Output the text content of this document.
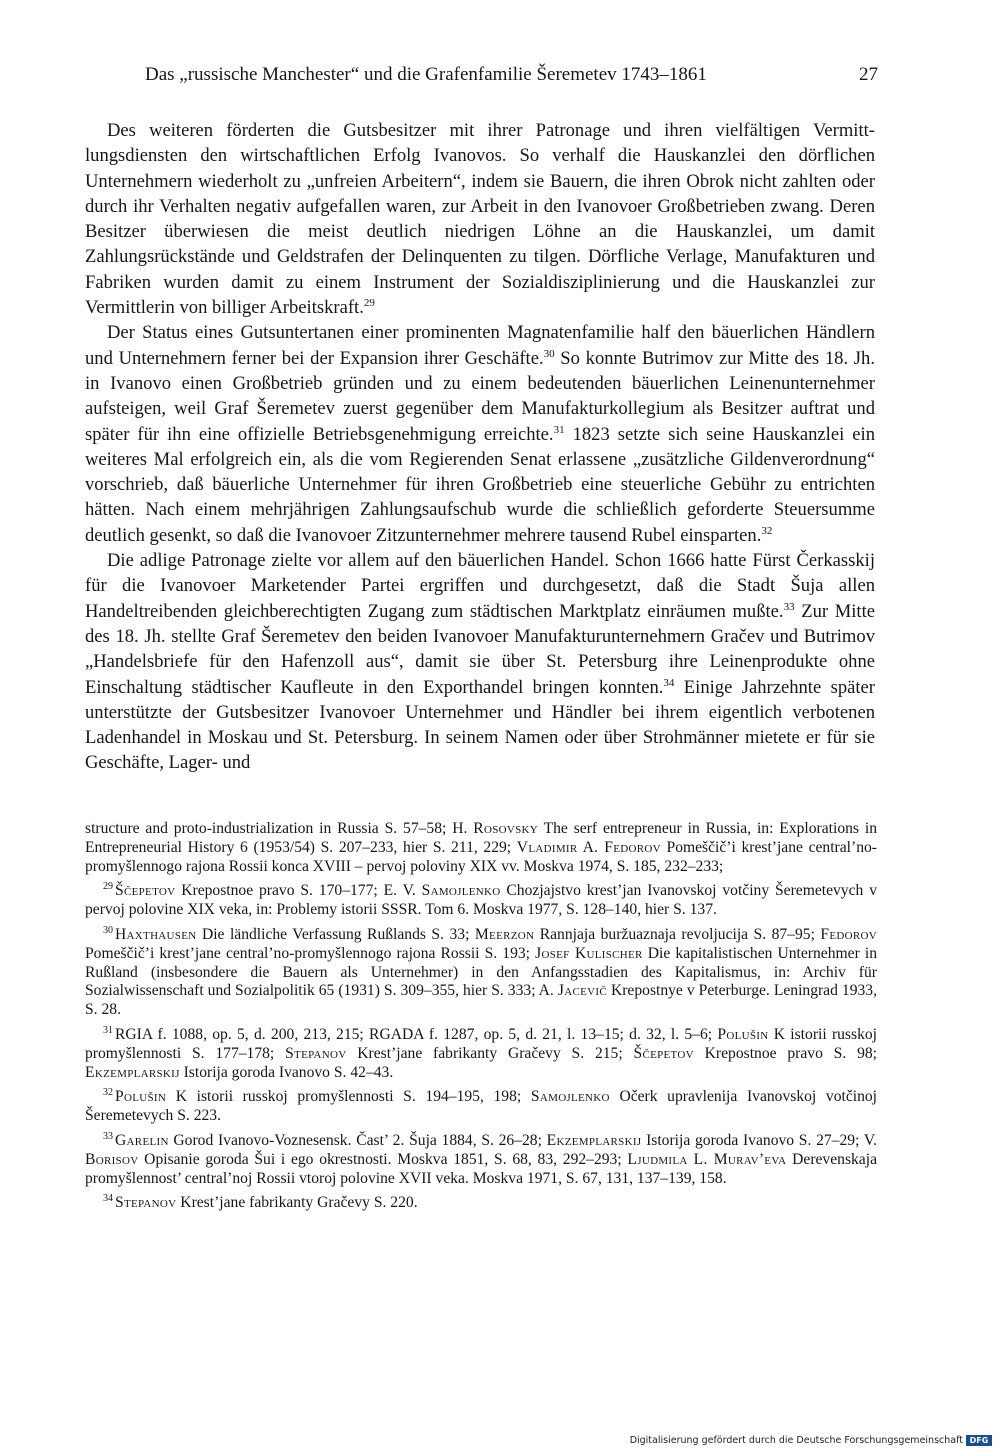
Das „russische Manchester“ und die Grafenfamilie Šeremetev 1743–1861	27

Des weiteren förderten die Gutsbesitzer mit ihrer Patronage und ihren vielfältigen Vermittlungsdiensten den wirtschaftlichen Erfolg Ivanovos. So verhalf die Hauskanzlei den dörflichen Unternehmern wiederholt zu „unfreien Arbeitern“, indem sie Bauern, die ihren Obrok nicht zahlten oder durch ihr Verhalten negativ aufgefallen waren, zur Arbeit in den Ivanovoer Großbetrieben zwang. Deren Besitzer überwiesen die meist deutlich niedrigen Löhne an die Hauskanzlei, um damit Zahlungsrückstände und Geldstrafen der Delinquenten zu tilgen. Dörfliche Verlage, Manufakturen und Fabriken wurden damit zu einem Instrument der Sozialdisziplinierung und die Hauskanzlei zur Vermittlerin von billiger Arbeitskraft.$^{29}$

Der Status eines Gutsuntertanen einer prominenten Magnatenfamilie half den bäuerlichen Händlern und Unternehmern ferner bei der Expansion ihrer Geschäfte.$^{30}$ So konnte Butrimov zur Mitte des 18. Jh. in Ivanovo einen Großbetrieb gründen und zu einem bedeutenden bäuerlichen Leinenunternehmer aufsteigen, weil Graf Šeremetev zuerst gegenüber dem Manufakturkollegium als Besitzer auftrat und später für ihn eine offizielle Betriebsgenehmigung erreichte.$^{31}$ 1823 setzte sich seine Hauskanzlei ein weiteres Mal erfolgreich ein, als die vom Regierenden Senat erlassene „zusätzliche Gildenverordnung“ vorschrieb, daß bäuerliche Unternehmer für ihren Großbetrieb eine steuerliche Gebühr zu entrichten hätten. Nach einem mehrjährigen Zahlungsaufschub wurde die schließlich geforderte Steuersumme deutlich gesenkt, so daß die Ivanovoer Zitzunternehmer mehrere tausend Rubel einsparten.$^{32}$

Die adlige Patronage zielte vor allem auf den bäuerlichen Handel. Schon 1666 hatte Fürst Čerkasskij für die Ivanovoer Marketender Partei ergriffen und durchgesetzt, daß die Stadt Šuja allen Handeltreibenden gleichberechtigten Zugang zum städtischen Marktplatz einräumen mußte.$^{33}$ Zur Mitte des 18. Jh. stellte Graf Šeremetev den beiden Ivanovoer Manufakturunternehmern Gračev und Butrimov „Handelsbriefe für den Hafenzoll aus“, damit sie über St. Petersburg ihre Leinenprodukte ohne Einschaltung städtischer Kaufleute in den Exporthandel bringen konnten.$^{34}$ Einige Jahrzehnte später unterstützte der Gutsbesitzer Ivanovoer Unternehmer und Händler bei ihrem eigentlich verbotenen Ladenhandel in Moskau und St. Petersburg. In seinem Namen oder über Strohmänner mietete er für sie Geschäfte, Lager- und

structure and proto-industrialization in Russia S. 57–58; H. Rosovsky The serf entrepreneur in Russia, in: Explorations in Entrepreneurial History 6 (1953/54) S. 207–233, hier S. 211, 229; Vladimir A. Fedorov Pomeščič’i krest’jane central’no-promyšlennogo rajona Rossii konca XVIII – pervoj poloviny XIX vv. Moskva 1974, S. 185, 232–233;

$^{29}$ Ščepetov Krepostnoe pravo S. 170–177; E. V. Samojlenko Chozjajstvo krest’jan Ivanovskoj votčiny Šeremetevych v pervoj polovine XIX veka, in: Problemy istorii SSSR. Tom 6. Moskva 1977, S. 128–140, hier S. 137.

$^{30}$ Haxthausen Die ländliche Verfassung Rußlands S. 33; Meerzon Rannjaja buržuaznaja revoljucija S. 87–95; Fedorov Pomeščič’i krest’jane central’no-promyšlennogo rajona Rossii S. 193; Josef Kulischer Die kapitalistischen Unternehmer in Rußland (insbesondere die Bauern als Unternehmer) in den Anfangsstadien des Kapitalismus, in: Archiv für Sozialwissenschaft und Sozialpolitik 65 (1931) S. 309–355, hier S. 333; A. Jacevič Krepostnye v Peterburge. Leningrad 1933, S. 28.

$^{31}$ RGIA f. 1088, op. 5, d. 200, 213, 215; RGADA f. 1287, op. 5, d. 21, l. 13–15; d. 32, l. 5–6; Polušin K istorii russkoj promyšlennosti S. 177–178; Stepanov Krest’jane fabrikanty Gračevy S. 215; Ščepetov Krepostnoe pravo S. 98; Ekzemplarskij Istorija goroda Ivanovo S. 42–43.

$^{32}$ Polušin K istorii russkoj promyšlennosti S. 194–195, 198; Samojlenko Očerk upravlenija Ivanovskoj votčinoj Šeremetevych S. 223.

$^{33}$ Garelin Gorod Ivanovo-Voznesensk. Čast’ 2. Šuja 1884, S. 26–28; Ekzemplarskij Istorija goroda Ivanovo S. 27–29; V. Borisov Opisanie goroda Šui i ego okrestnosti. Moskva 1851, S. 68, 83, 292–293; Ljudmila L. Murav’eva Derevenskaja promyšlennost’ central’noj Rossii vtoroj polovine XVII veka. Moskva 1971, S. 67, 131, 137–139, 158.

$^{34}$ Stepanov Krest’jane fabrikanty Gračevy S. 220.

Digitalisierung gefördert durch die Deutsche Forschungsgemeinschaft DFG
